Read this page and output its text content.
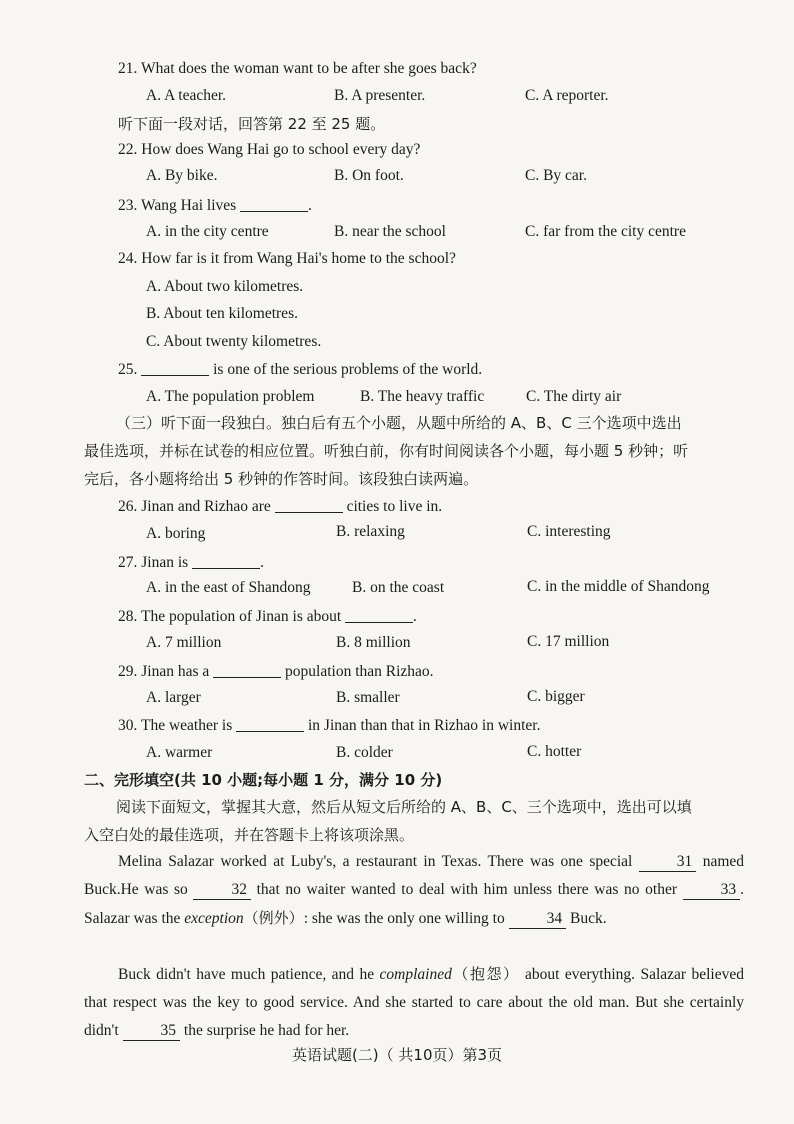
21. What does the woman want to be after she goes back?
A. A teacher.	B. A presenter.	C. A reporter.
听下面一段对话，回答第 22 至 25 题。
22. How does Wang Hai go to school every day?
A. By bike.	B. On foot.	C. By car.
23. Wang Hai lives	.
A. in the city centre	B. near the school	C. far from the city centre
24. How far is it from Wang Hai's home to the school?
A. About two kilometres.
B. About ten kilometres.
C. About twenty kilometres.
25.	is one of the serious problems of the world.
A. The population problem	B. The heavy traffic	C. The dirty air
（三）听下面一段独白。独白后有五个小题，从题中所给的 A、B、C 三个选项中选出
最佳选项，并标在试卷的相应位置。听独白前，你有时间阅读各个小题，每小题 5 秒钟；听
完后，各小题将给出 5 秒钟的作答时间。该段独白读两遍。
26. Jinan and Rizhao are	cities to live in.
A. boring	B. relaxing	C. interesting
27. Jinan is	.
A. in the east of Shandong	B. on the coast	C. in the middle of Shandong
28. The population of Jinan is about	.
A. 7 million	B. 8 million	C. 17 million
29. Jinan has a	population than Rizhao.
A. larger	B. smaller	C. bigger
30. The weather is	in Jinan than that in Rizhao in winter.
A. warmer	B. colder	C. hotter
二、完形填空(共 10 小题;每小题 1 分，满分 10 分)
阅读下面短文，掌握其大意，然后从短文后所给的 A、B、C、三个选项中，选出可以填
入空白处的最佳选项，并在答题卡上将该项涂黑。
Melina Salazar worked at Luby's, a restaurant in Texas. There was one special	31 named Buck.He was so	32 that no waiter wanted to deal with him unless there was no other	33 . Salazar was the exception（例外）: she was the only one willing to	34 Buck.
Buck didn't have much patience, and he complained（抱怨） about everything. Salazar believed that respect was the key to good service. And she started to care about the old man. But she certainly didn't	35 the surprise he had for her.
英语试题(二)（ 共10页）第3页
